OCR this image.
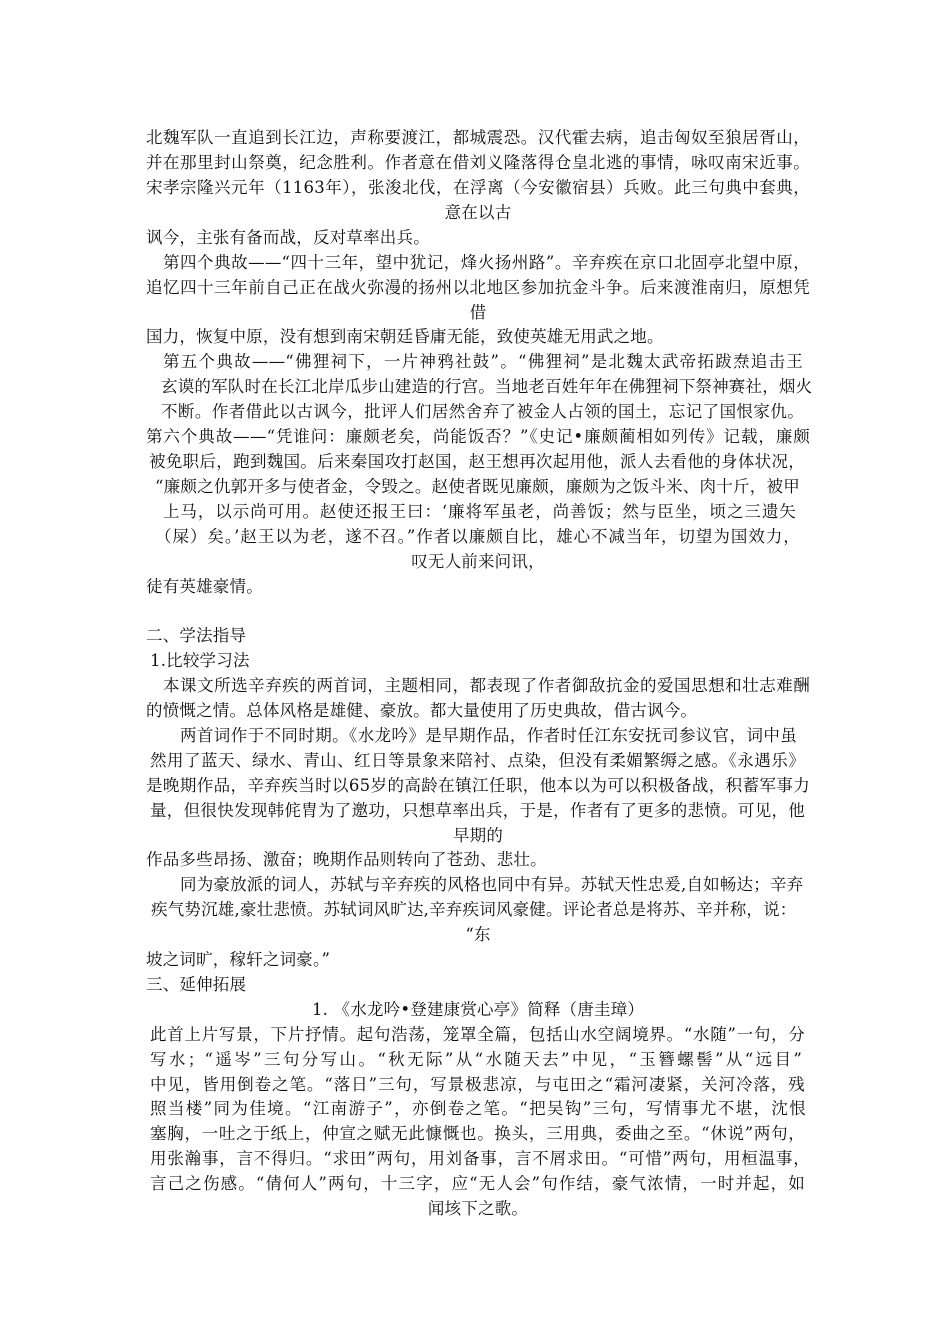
北魏军队一直追到长江边，声称要渡江，都城震恐。汉代霍去病，追击匈奴至狼居胥山，
并在那里封山祭奠，纪念胜利。作者意在借刘义隆落得仓皇北逃的事情，咏叹南宋近事。
宋孝宗隆兴元年（1163年），张浚北伐，在浮离（今安徽宿县）兵败。此三句典中套典，
意在以古
讽今，主张有备而战，反对草率出兵。
第四个典故——“四十三年，望中犹记，烽火扬州路”。辛弃疾在京口北固亭北望中原，
追忆四十三年前自己正在战火弥漫的扬州以北地区参加抗金斗争。后来渡淮南归，原想凭
借
国力，恢复中原，没有想到南宋朝廷昏庸无能，致使英雄无用武之地。
第五个典故——“佛狸祠下，一片神鸦社鼓”。“佛狸祠”是北魏太武帝拓跋焘追击王
玄谟的军队时在长江北岸瓜步山建造的行宫。当地老百姓年年在佛狸祠下祭神赛社，烟火
不断。作者借此以古讽今，批评人们居然舍弃了被金人占领的国土，忘记了国恨家仇。
第六个典故——“凭谁问：廉颇老矣，尚能饭否？”《史记•廉颇蔺相如列传》记载，廉颇
被免职后，跑到魏国。后来秦国攻打赵国，赵王想再次起用他，派人去看他的身体状况，
“廉颇之仇郭开多与使者金，令毁之。赵使者既见廉颇，廉颇为之饭斗米、肉十斤，被甲
上马，以示尚可用。赵使还报王曰：‘廉将军虽老，尚善饭；然与臣坐，顷之三遗矢
（屎）矣。’赵王以为老，遂不召。”作者以廉颇自比，雄心不减当年，切望为国效力，
叹无人前来问讯，
徒有英雄豪情。
二、学法指导
1.比较学习法
本课文所选辛弃疾的两首词，主题相同，都表现了作者御敌抗金的爱国思想和壮志难酬
的愤慨之情。总体风格是雄健、豪放。都大量使用了历史典故，借古讽今。
两首词作于不同时期。《水龙吟》是早期作品，作者时任江东安抚司参议官，词中虽
然用了蓝天、绿水、青山、红日等景象来陪衬、点染，但没有柔媚繁缛之感。《永遇乐》
是晚期作品，辛弃疾当时以65岁的高龄在镇江任职，他本以为可以积极备战，积蓄军事力
量，但很快发现韩侂胄为了邀功，只想草率出兵，于是，作者有了更多的悲愤。可见，他
早期的
作品多些昂扬、激奋；晚期作品则转向了苍劲、悲壮。
同为豪放派的词人，苏轼与辛弃疾的风格也同中有异。苏轼天性忠爰,自如畅达；辛弃
疾气势沉雄,豪壮悲愤。苏轼词风旷达,辛弃疾词风豪健。评论者总是将苏、辛并称，说：
“东
坡之词旷，稼轩之词豪。”
三、延伸拓展
1. 《水龙吟•登建康赏心亭》简释（唐圭璋）
此首上片写景，下片抒情。起句浩荡，笼罩全篇，包括山水空阔境界。“水随”一句，分
写水；“遥岑”三句分写山。“秋无际”从“水随天去”中见，“玉簪螺髻”从“远目”
中见，皆用倒卷之笔。“落日”三句，写景极悲凉，与屯田之“霜河凄紧，关河冷落，残
照当楼”同为佳境。“江南游子”，亦倒卷之笔。“把吴钩”三句，写情事尤不堪，沈恨
塞胸，一吐之于纸上，仲宣之赋无此慷慨也。换头，三用典，委曲之至。“休说”两句，
用张瀚事，言不得归。“求田”两句，用刘备事，言不屑求田。“可惜”两句，用桓温事，
言己之伤感。“倩何人”两句，十三字，应“无人会”句作结，豪气浓情，一时并起，如
闻垓下之歌。
